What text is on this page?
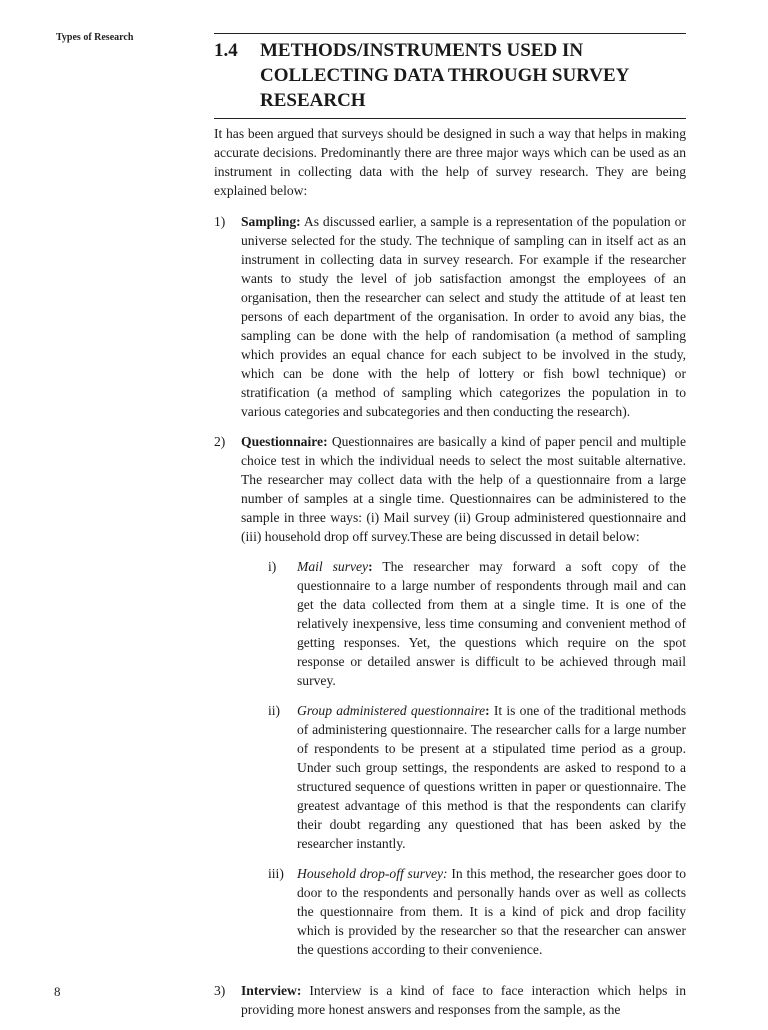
Types of Research
1.4	METHODS/INSTRUMENTS USED IN COLLECTING DATA THROUGH SURVEY RESEARCH

It has been argued that surveys should be designed in such a way that helps in making accurate decisions. Predominantly there are three major ways which can be used as an instrument in collecting data with the help of survey research. They are being explained below:

1)	Sampling: As discussed earlier, a sample is a representation of the population or universe selected for the study. The technique of sampling can in itself act as an instrument in collecting data in survey research. For example if the researcher wants to study the level of job satisfaction amongst the employees of an organisation, then the researcher can select and study the attitude of at least ten persons of each department of the organisation. In order to avoid any bias, the sampling can be done with the help of randomisation (a method of sampling which provides an equal chance for each subject to be involved in the study, which can be done with the help of lottery or fish bowl technique) or stratification (a method of sampling which categorizes the population in to various categories and subcategories and then conducting the research).
2)	Questionnaire: Questionnaires are basically a kind of paper pencil and multiple choice test in which the individual needs to select the most suitable alternative. The researcher may collect data with the help of a questionnaire from a large number of samples at a single time. Questionnaires can be administered to the sample in three ways: (i) Mail survey (ii) Group administered questionnaire and (iii) household drop off survey.These are being discussed in detail below:
i)	Mail survey: The researcher may forward a soft copy of the questionnaire to a large number of respondents through mail and can get the data collected from them at a single time. It is one of the relatively inexpensive, less time consuming and convenient method of getting responses. Yet, the questions which require on the spot response or detailed answer is difficult to be achieved through mail survey.
ii)	Group administered questionnaire: It is one of the traditional methods of administering questionnaire. The researcher calls for a large number of respondents to be present at a stipulated time period as a group. Under such group settings, the respondents are asked to respond to a structured sequence of questions written in paper or questionnaire. The greatest advantage of this method is that the respondents can clarify their doubt regarding any questioned that has been asked by the researcher instantly.
iii) Household drop-off survey: In this method, the researcher goes door to door to the respondents and personally hands over as well as collects the questionnaire from them. It is a kind of pick and drop facility which is provided by the researcher so that the researcher can answer the questions according to their convenience.
3)	Interview: Interview is a kind of face to face interaction which helps in providing more honest answers and responses from the sample, as the
8
